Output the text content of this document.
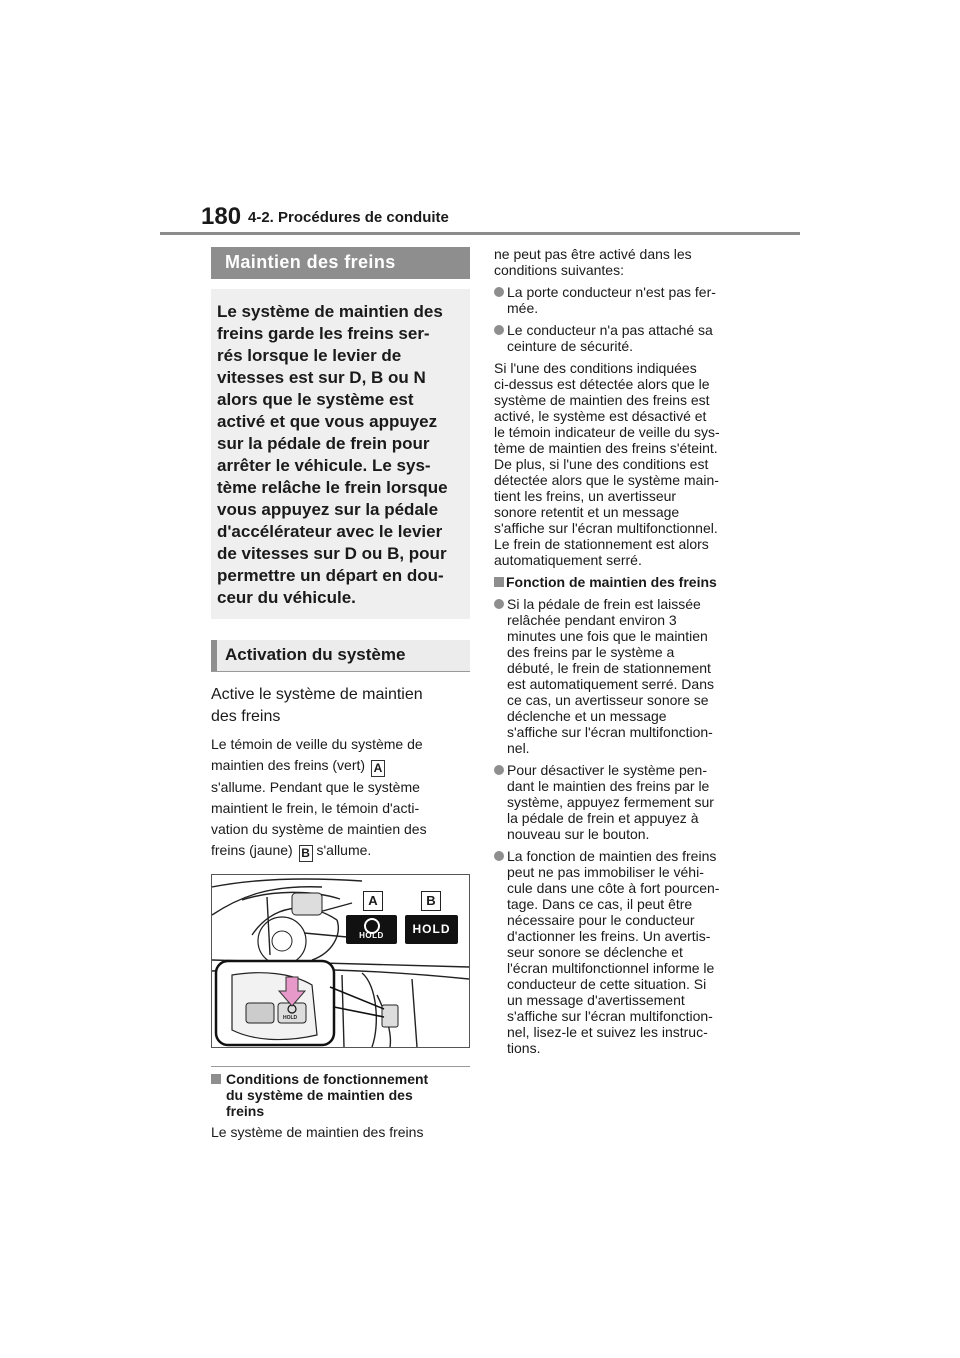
180 4-2. Procédures de conduite
Maintien des freins
Le système de maintien des
freins garde les freins ser-
rés lorsque le levier de
vitesses est sur D, B ou N
alors que le système est
activé et que vous appuyez
sur la pédale de frein pour
arrêter le véhicule. Le sys-
tème relâche le frein lorsque
vous appuyez sur la pédale
d'accélérateur avec le levier
de vitesses sur D ou B, pour
permettre un départ en dou-
ceur du véhicule.
Activation du système
Active le système de maintien
des freins
Le témoin de veille du système de
maintien des freins (vert) A
s'allume. Pendant que le système
maintient le frein, le témoin d'acti-
vation du système de maintien des
freins (jaune) B s'allume.
HOLD
A	B
HOLD	HOLD
Conditions de fonctionnement
du système de maintien des
freins
Le système de maintien des freins
ne peut pas être activé dans les
conditions suivantes:
La porte conducteur n'est pas fer-
mée.
Le conducteur n'a pas attaché sa
ceinture de sécurité.
Si l'une des conditions indiquées
ci-dessus est détectée alors que le
système de maintien des freins est
activé, le système est désactivé et
le témoin indicateur de veille du sys-
tème de maintien des freins s'éteint.
De plus, si l'une des conditions est
détectée alors que le système main-
tient les freins, un avertisseur
sonore retentit et un message
s'affiche sur l'écran multifonctionnel.
Le frein de stationnement est alors
automatiquement serré.
Fonction de maintien des freins
Si la pédale de frein est laissée
relâchée pendant environ 3
minutes une fois que le maintien
des freins par le système a
débuté, le frein de stationnement
est automatiquement serré. Dans
ce cas, un avertisseur sonore se
déclenche et un message
s'affiche sur l'écran multifonction-
nel.
Pour désactiver le système pen-
dant le maintien des freins par le
système, appuyez fermement sur
la pédale de frein et appuyez à
nouveau sur le bouton.
La fonction de maintien des freins
peut ne pas immobiliser le véhi-
cule dans une côte à fort pourcen-
tage. Dans ce cas, il peut être
nécessaire pour le conducteur
d'actionner les freins. Un avertis-
seur sonore se déclenche et
l'écran multifonctionnel informe le
conducteur de cette situation. Si
un message d'avertissement
s'affiche sur l'écran multifonction-
nel, lisez-le et suivez les instruc-
tions.
